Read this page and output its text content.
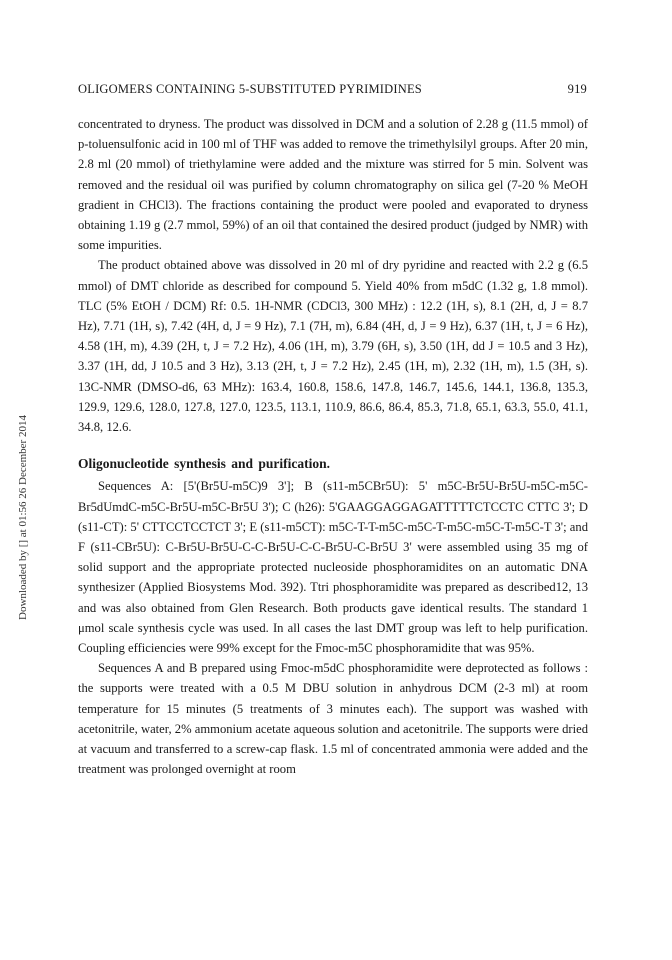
Downloaded by [] at 01:56 26 December 2014
OLIGOMERS CONTAINING 5-SUBSTITUTED PYRIMIDINES	919

concentrated to dryness. The product was dissolved in DCM and a solution of 2.28 g (11.5 mmol) of p-toluensulfonic acid in 100 ml of THF was added to remove the trimethylsilyl groups. After 20 min, 2.8 ml (20 mmol) of triethylamine were added and the mixture was stirred for 5 min. Solvent was removed and the residual oil was purified by column chromatography on silica gel (7-20 % MeOH gradient in CHCl3). The fractions containing the product were pooled and evaporated to dryness obtaining 1.19 g (2.7 mmol, 59%) of an oil that contained the desired product (judged by NMR) with some impurities.

The product obtained above was dissolved in 20 ml of dry pyridine and reacted with 2.2 g (6.5 mmol) of DMT chloride as described for compound 5. Yield 40% from m5dC (1.32 g, 1.8 mmol). TLC (5% EtOH / DCM) Rf: 0.5. 1H-NMR (CDCl3, 300 MHz) : 12.2 (1H, s), 8.1 (2H, d, J = 8.7 Hz), 7.71 (1H, s), 7.42 (4H, d, J = 9 Hz), 7.1 (7H, m), 6.84 (4H, d, J = 9 Hz), 6.37 (1H, t, J = 6 Hz), 4.58 (1H, m), 4.39 (2H, t, J = 7.2 Hz), 4.06 (1H, m), 3.79 (6H, s), 3.50 (1H, dd J = 10.5 and 3 Hz), 3.37 (1H, dd, J 10.5 and 3 Hz), 3.13 (2H, t, J = 7.2 Hz), 2.45 (1H, m), 2.32 (1H, m), 1.5 (3H, s). 13C-NMR (DMSO-d6, 63 MHz): 163.4, 160.8, 158.6, 147.8, 146.7, 145.6, 144.1, 136.8, 135.3, 129.9, 129.6, 128.0, 127.8, 127.0, 123.5, 113.1, 110.9, 86.6, 86.4, 85.3, 71.8, 65.1, 63.3, 55.0, 41.1, 34.8, 12.6.

Oligonucleotide synthesis and purification.

Sequences A: [5'(Br5U-m5C)9 3']; B (s11-m5CBr5U): 5' m5C-Br5U-Br5U-m5C-m5C-Br5dUmdC-m5C-Br5U-m5C-Br5U 3'); C (h26): 5'GAAGGAGGAGATTTTTCTCCTC CTTC 3'; D (s11-CT): 5' CTTCCTCCTCT 3'; E (s11-m5CT): m5C-T-T-m5C-m5C-T-m5C-m5C-T-m5C-T 3'; and F (s11-CBr5U): C-Br5U-Br5U-C-C-Br5U-C-C-Br5U-C-Br5U 3' were assembled using 35 mg of solid support and the appropriate protected nucleoside phosphoramidites on an automatic DNA synthesizer (Applied Biosystems Mod. 392). Ttri phosphoramidite was prepared as described12, 13 and was also obtained from Glen Research. Both products gave identical results. The standard 1 μmol scale synthesis cycle was used. In all cases the last DMT group was left to help purification. Coupling efficiencies were 99% except for the Fmoc-m5C phosphoramidite that was 95%.

Sequences A and B prepared using Fmoc-m5dC phosphoramidite were deprotected as follows : the supports were treated with a 0.5 M DBU solution in anhydrous DCM (2-3 ml) at room temperature for 15 minutes (5 treatments of 3 minutes each). The support was washed with acetonitrile, water, 2% ammonium acetate aqueous solution and acetonitrile. The supports were dried at vacuum and transferred to a screw-cap flask. 1.5 ml of concentrated ammonia were added and the treatment was prolonged overnight at room
